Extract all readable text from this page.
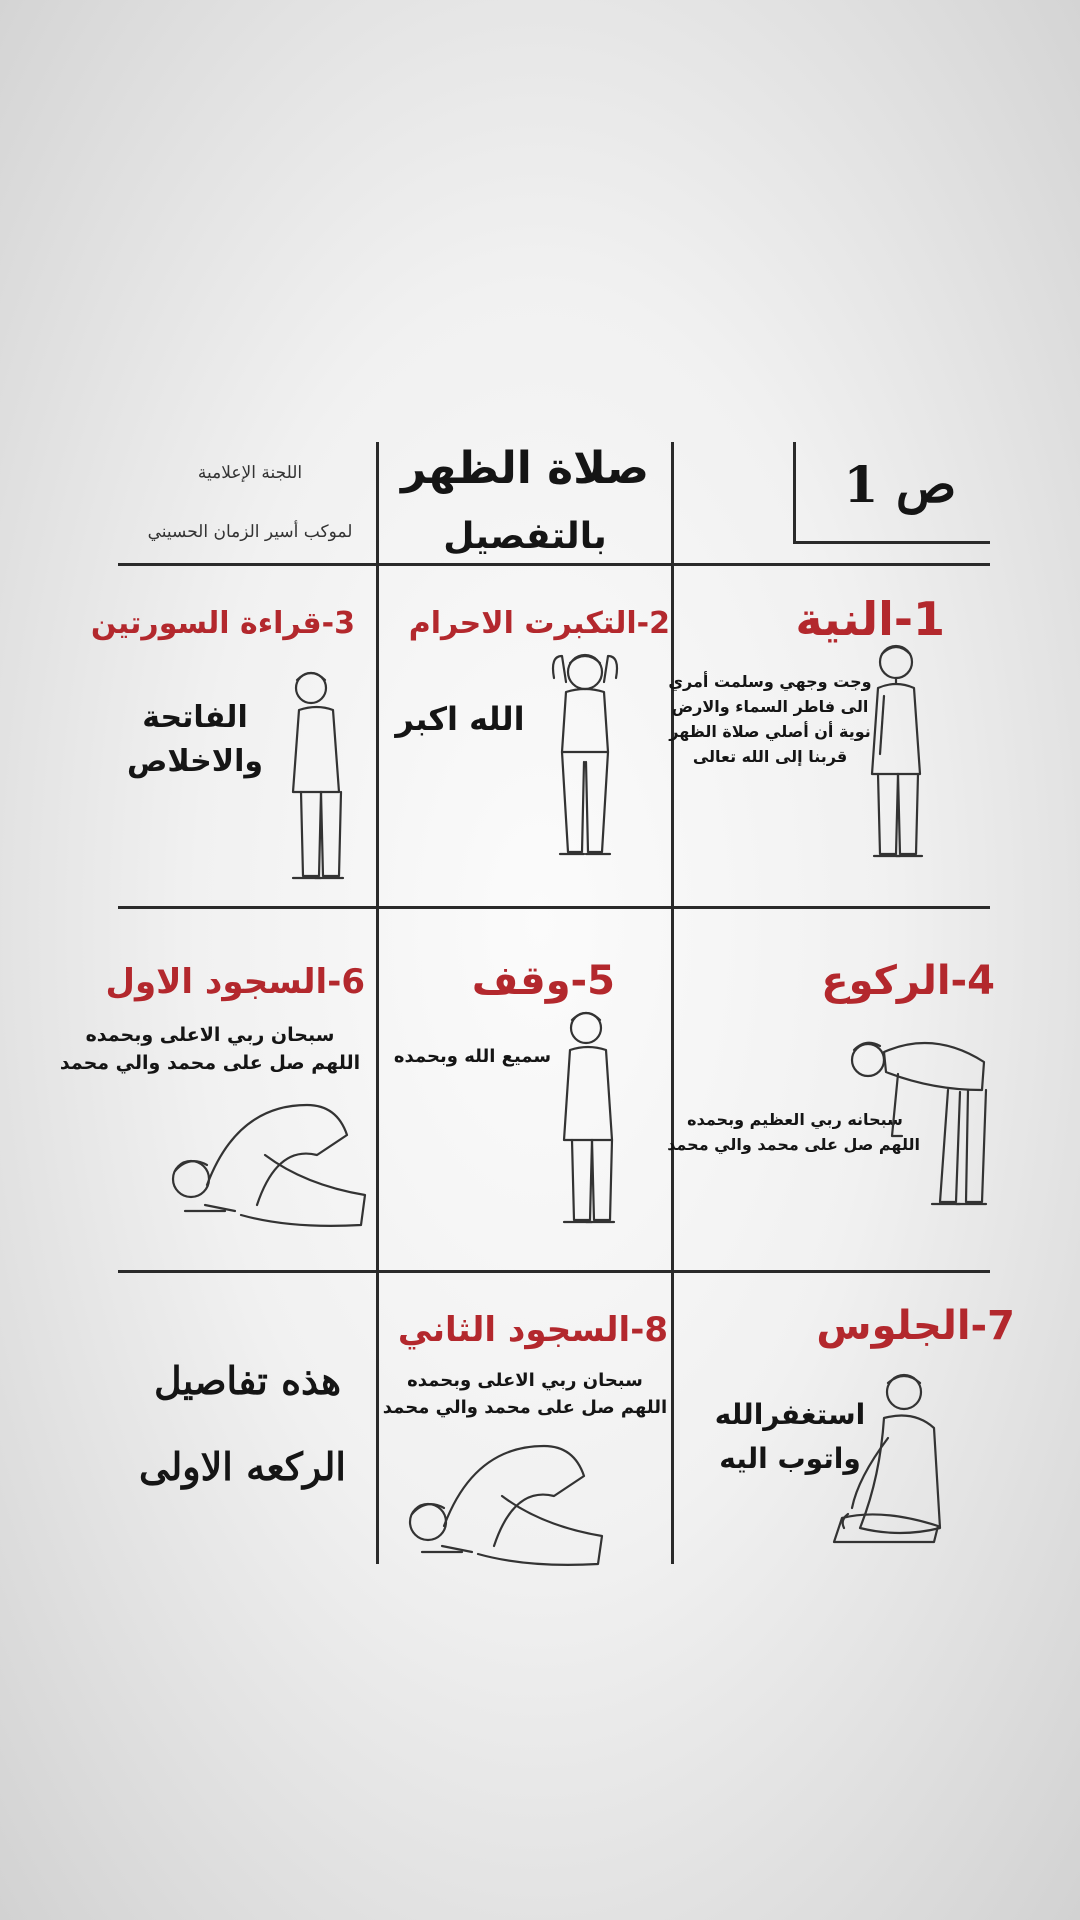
ص 1
صلاة الظهر
بالتفصيل
اللجنة الإعلامية
لموكب أسير الزمان الحسيني
1-النية
وجت وجهي وسلمت أمري
الى فاطر السماء والارض
نوية أن أصلي صلاة الظهر
قربنا إلى الله تعالى
2-التكبرت الاحرام
الله اكبر
3-قراءة السورتين
الفاتحة
والاخلاص
4-الركوع
سبحانه ربي العظيم وبحمده
اللهم صل على محمد والي محمد
5-وقف
سميع الله وبحمده
6-السجود الاول
سبحان ربي الاعلى وبحمده
اللهم صل على محمد والي محمد
7-الجلوس
استغفرالله
واتوب اليه
8-السجود الثاني
سبحان ربي الاعلى وبحمده
اللهم صل على محمد والي محمد
هذه تفاصيل
الركعه الاولى
